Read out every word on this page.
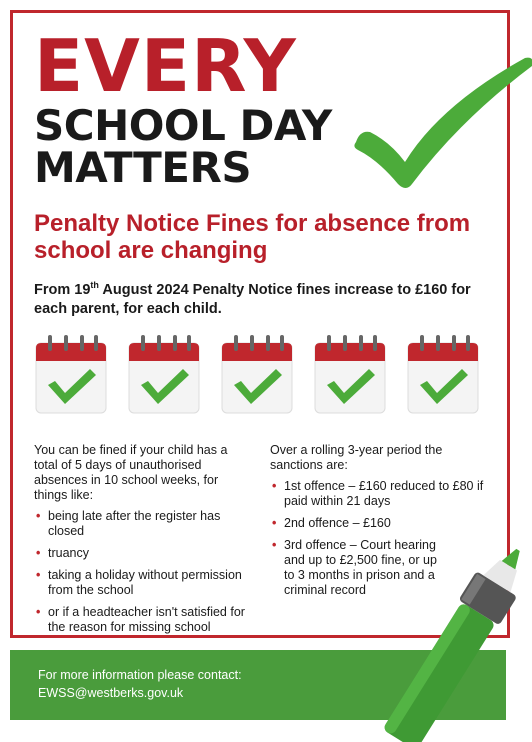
EVERY
SCHOOL DAY
MATTERS
Penalty Notice Fines for absence from school are changing
From 19th August 2024 Penalty Notice fines increase to £160 for each parent, for each child.

You can be fined if your child has a total of 5 days of unauthorised absences in 10 school weeks, for things like:

• being late after the register has closed
• truancy
• taking a holiday without permission from the school
• or if a headteacher isn't satisfied for the reason for missing school

Over a rolling 3-year period the sanctions are:

• 1st offence – £160 reduced to £80 if paid within 21 days
• 2nd offence – £160
• 3rd offence – Court hearing and up to £2,500 fine, or up to 3 months in prison and a criminal record
For more information please contact:
EWSS@westberks.gov.uk
